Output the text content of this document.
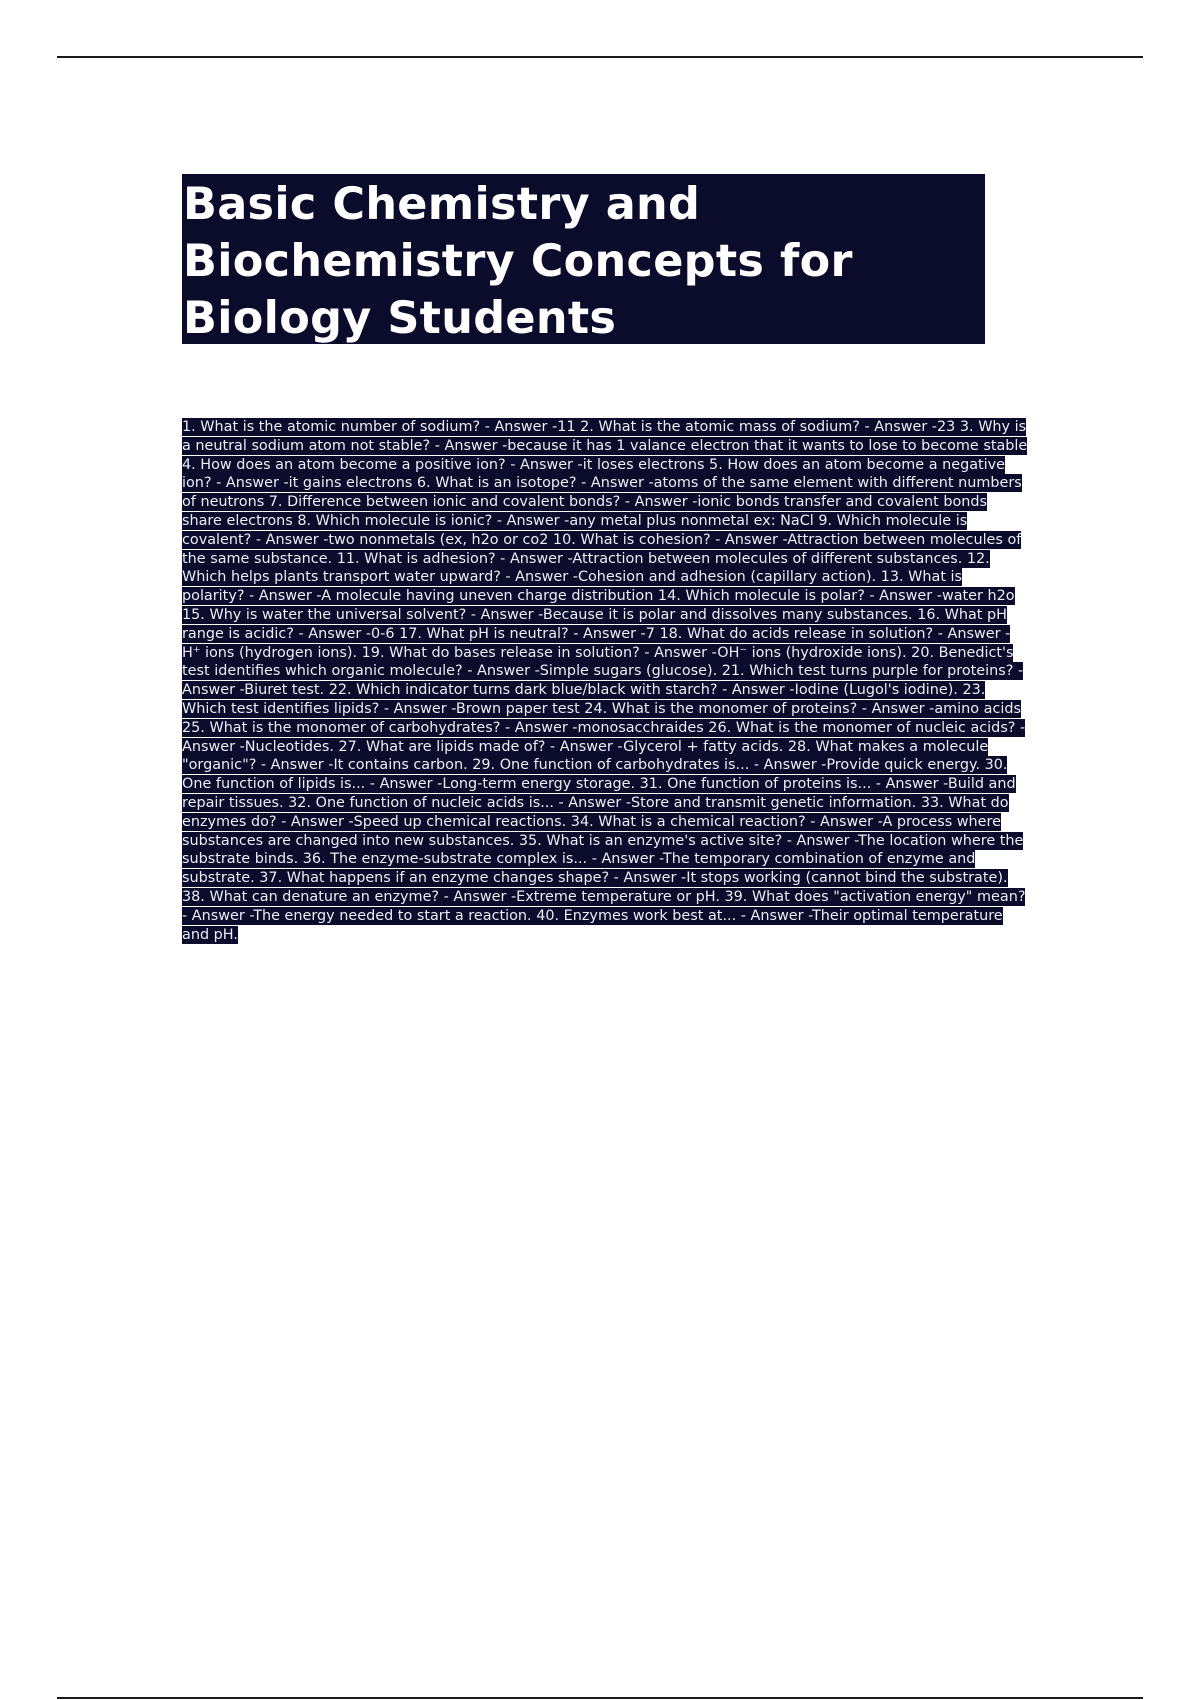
Basic Chemistry and Biochemistry Concepts for Biology Students

1. What is the atomic number of sodium? - Answer -11 2. What is the atomic mass of sodium? - Answer -23 3. Why is a neutral sodium atom not stable? - Answer -because it has 1 valance electron that it wants to lose to become stable 4. How does an atom become a positive ion? - Answer -it loses electrons 5. How does an atom become a negative ion? - Answer -it gains electrons 6. What is an isotope? - Answer -atoms of the same element with different numbers of neutrons 7. Difference between ionic and covalent bonds? - Answer -ionic bonds transfer and covalent bonds share electrons 8. Which molecule is ionic? - Answer -any metal plus nonmetal ex: NaCl 9. Which molecule is covalent? - Answer -two nonmetals (ex, h2o or co2 10. What is cohesion? - Answer -Attraction between molecules of the same substance. 11. What is adhesion? - Answer -Attraction between molecules of different substances. 12. Which helps plants transport water upward? - Answer -Cohesion and adhesion (capillary action). 13. What is polarity? - Answer -A molecule having uneven charge distribution 14. Which molecule is polar? - Answer -water h2o 15. Why is water the universal solvent? - Answer -Because it is polar and dissolves many substances. 16. What pH range is acidic? - Answer -0-6 17. What pH is neutral? - Answer -7 18. What do acids release in solution? - Answer -H⁺ ions (hydrogen ions). 19. What do bases release in solution? - Answer -OH⁻ ions (hydroxide ions). 20. Benedict's test identifies which organic molecule? - Answer -Simple sugars (glucose). 21. Which test turns purple for proteins? - Answer -Biuret test. 22. Which indicator turns dark blue/black with starch? - Answer -Iodine (Lugol's iodine). 23. Which test identifies lipids? - Answer -Brown paper test 24. What is the monomer of proteins? - Answer -amino acids 25. What is the monomer of carbohydrates? - Answer -monosacchraides 26. What is the monomer of nucleic acids? - Answer -Nucleotides. 27. What are lipids made of? - Answer -Glycerol + fatty acids. 28. What makes a molecule "organic"? - Answer -It contains carbon. 29. One function of carbohydrates is... - Answer -Provide quick energy. 30. One function of lipids is... - Answer -Long-term energy storage. 31. One function of proteins is... - Answer -Build and repair tissues. 32. One function of nucleic acids is... - Answer -Store and transmit genetic information. 33. What do enzymes do? - Answer -Speed up chemical reactions. 34. What is a chemical reaction? - Answer -A process where substances are changed into new substances. 35. What is an enzyme's active site? - Answer -The location where the substrate binds. 36. The enzyme-substrate complex is... - Answer -The temporary combination of enzyme and substrate. 37. What happens if an enzyme changes shape? - Answer -It stops working (cannot bind the substrate). 38. What can denature an enzyme? - Answer -Extreme temperature or pH. 39. What does "activation energy" mean? - Answer -The energy needed to start a reaction. 40. Enzymes work best at... - Answer -Their optimal temperature and pH.
